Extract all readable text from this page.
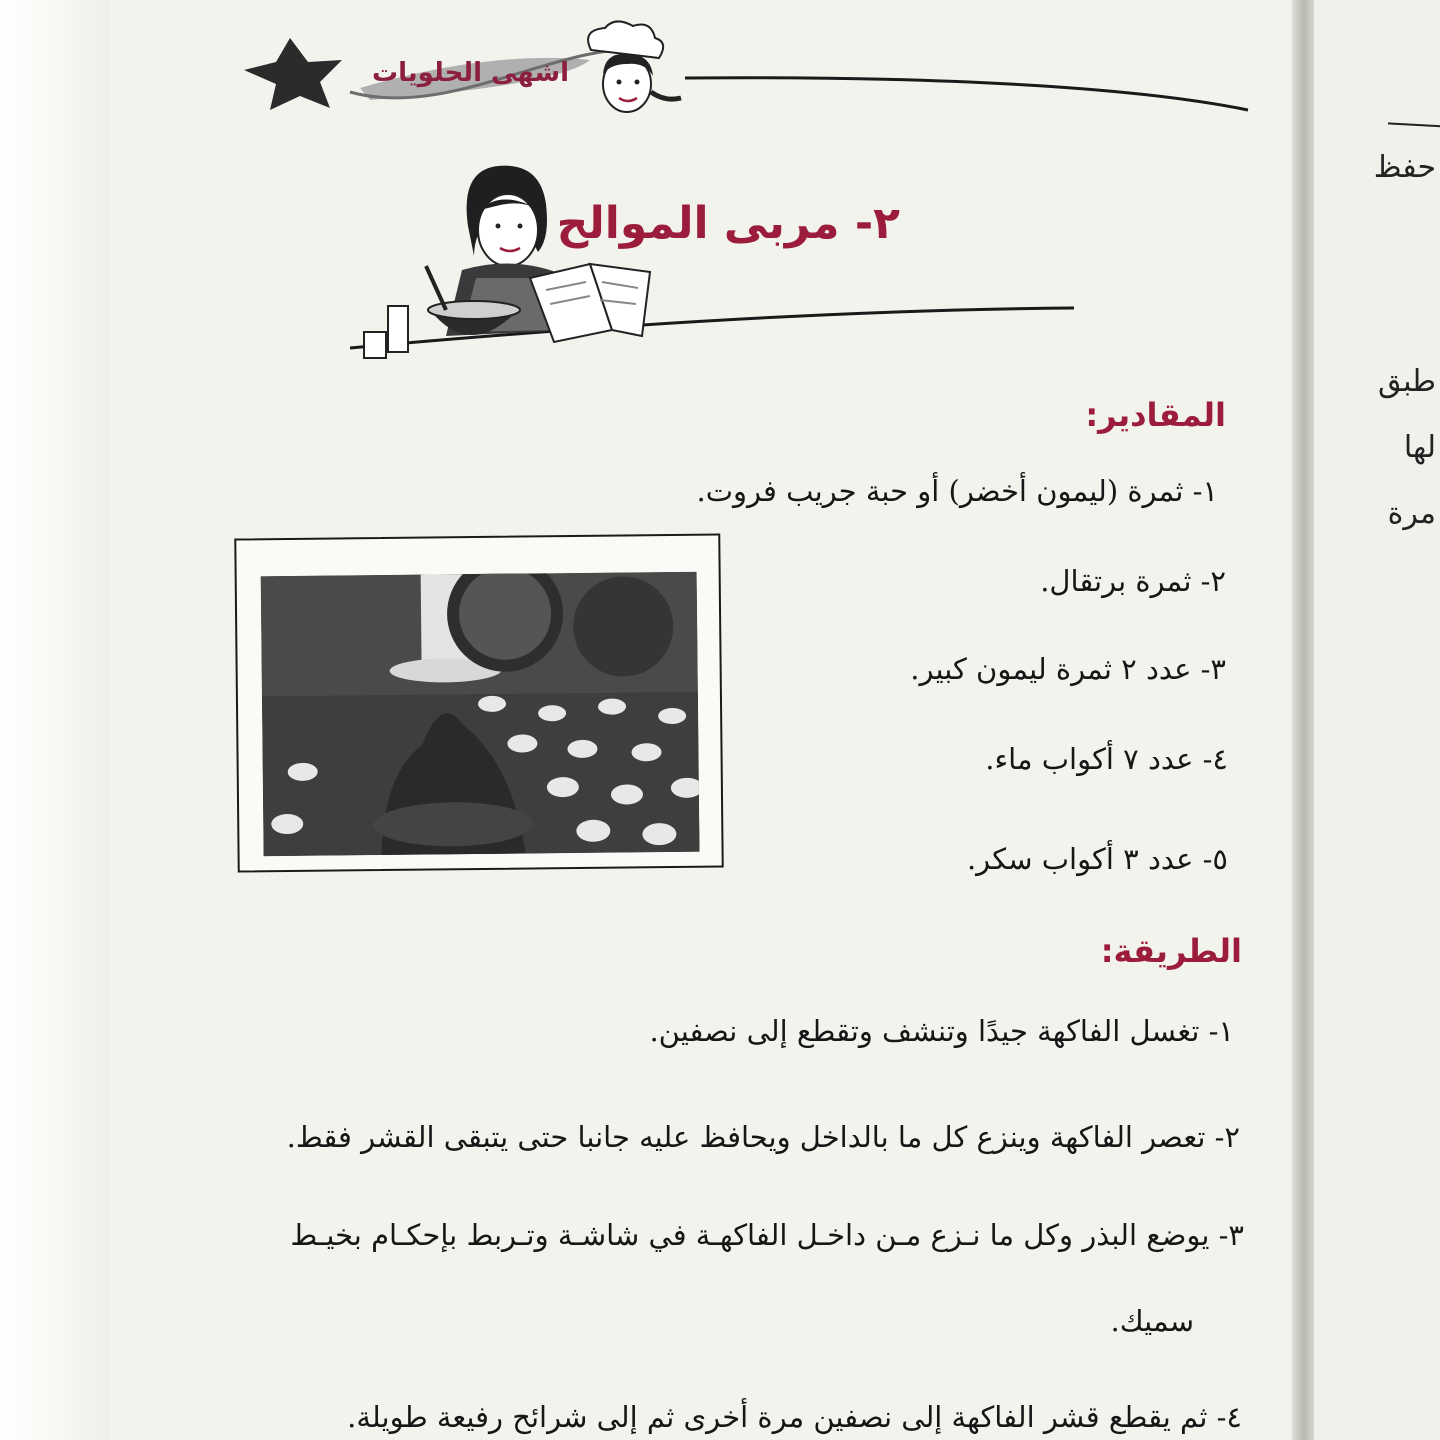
حفظ
طبق
لها
مرة
اشهى الحلويات
٢- مربى الموالح
المقادير:
١- ثمرة (ليمون أخضر) أو حبة جريب فروت.
٢- ثمرة برتقال.
٣- عدد ٢ ثمرة ليمون كبير.
٤- عدد ٧ أكواب ماء.
٥- عدد ٣ أكواب سكر.
الطريقة:
١- تغسل الفاكهة جيدًا وتنشف وتقطع إلى نصفين.
٢- تعصر الفاكهة وينزع كل ما بالداخل ويحافظ عليه جانبا حتى يتبقى القشر فقط.
٣- يوضع البذر وكل ما نـزع مـن داخـل الفاكهـة في شاشـة وتـربط بإحكـام بخيـط
سميك.
٤- ثم يقطع قشر الفاكهة إلى نصفين مرة أخرى ثم إلى شرائح رفيعة طويلة.
